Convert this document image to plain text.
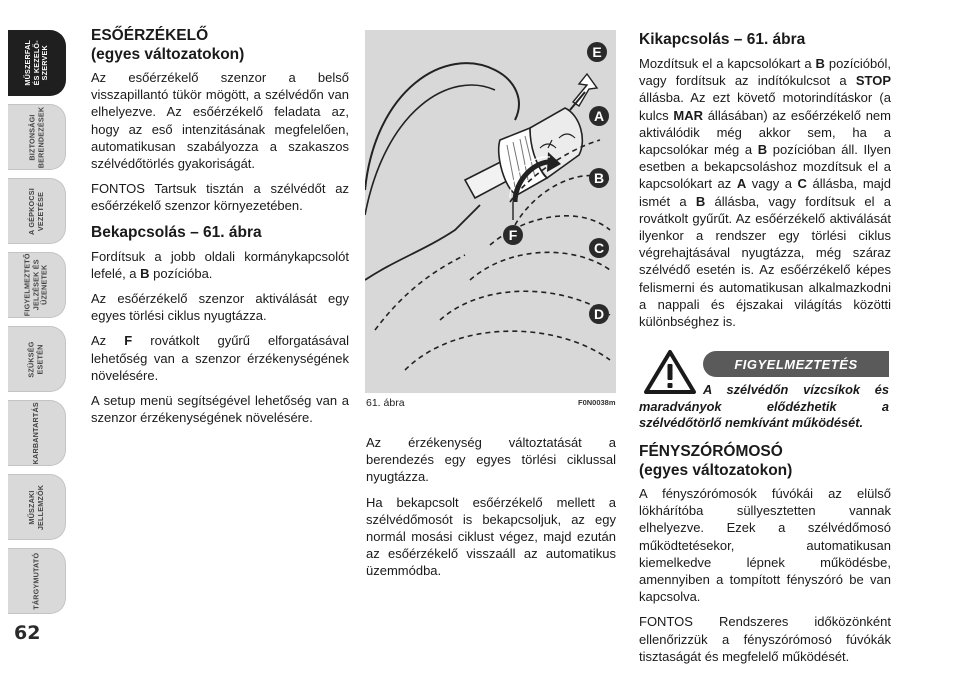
MŰSZERFAL
ÉS KEZELŐ-
SZERVEK
BIZTONSÁGI
BERENDEZÉSEK
A GÉPKOCSI
VEZETÉSE
FIGYELMEZTETŐ
JELZÉSEK ÉS
ÜZENETEK
SZÜKSÉG
ESETÉN
KARBANTARTÁS
MŰSZAKI
JELLEMZŐK
TÁRGYMUTATÓ
62
ESŐÉRZÉKELŐ
(egyes változatokon)

Az esőérzékelő szenzor a belső visszapillantó tükör mögött, a szélvédőn van elhelyezve. Az esőérzékelő feladata az, hogy az eső intenzitásának megfelelően, automatikusan szabályozza a szakaszos szélvédőtörlés gyakoriságát.

FONTOS Tartsuk tisztán a szélvédőt az esőérzékelő szenzor környezetében.

Bekapcsolás – 61. ábra

Fordítsuk a jobb oldali kormánykapcsolót lefelé, a B pozícióba.

Az esőérzékelő szenzor aktiválását egy egyes törlési ciklus nyugtázza.

Az F rovátkolt gyűrű elforgatásával lehetőség van a szenzor érzékenységének növelésére.

A setup menü segítségével lehetőség van a szenzor érzékenységének növelésére.

E
A
B
C
D
F
61. ábra	F0N0038m

Az érzékenység változtatását a berendezés egy egyes törlési ciklussal nyugtázza.

Ha bekapcsolt esőérzékelő mellett a szélvédőmosót is bekapcsoljuk, az egy normál mosási ciklust végez, majd ezután az esőérzékelő visszaáll az automatikus üzemmódba.

Kikapcsolás – 61. ábra

Mozdítsuk el a kapcsolókart a B pozícióból, vagy fordítsuk az indítókulcsot a STOP állásba. Az ezt követő motorindításkor (a kulcs MAR állásában) az esőérzékelő nem aktiválódik még akkor sem, ha a kapcsolókar még a B pozícióban áll. Ilyen esetben a bekapcsoláshoz mozdítsuk el a kapcsolókart az A vagy a C állásba, majd ismét a B állásba, vagy fordítsuk el a rovátkolt gyűrűt. Az esőérzékelő aktiválását ilyenkor a rendszer egy törlési ciklus végrehajtásával nyugtázza, még száraz szélvédő esetén is. Az esőérzékelő képes felismerni és automatikusan alkalmazkodni a nappali és éjszakai világítás közötti különbséghez is.

FIGYELMEZTETÉS
A szélvédőn vízcsíkok és maradványok elődézhetik a szélvédőtörlő nemkívánt működését.
FÉNYSZÓRÓMOSÓ
(egyes változatokon)

A fényszórómosók fúvókái az elülső lökhárítóba süllyesztetten vannak elhelyezve. Ezek a szélvédőmosó működtetésekor, automatikusan kiemelkedve lépnek működésbe, amennyiben a tompított fényszóró be van kapcsolva.

FONTOS Rendszeres időközönként ellenőrizzük a fényszórómosó fúvókák tisztaságát és megfelelő működését.
